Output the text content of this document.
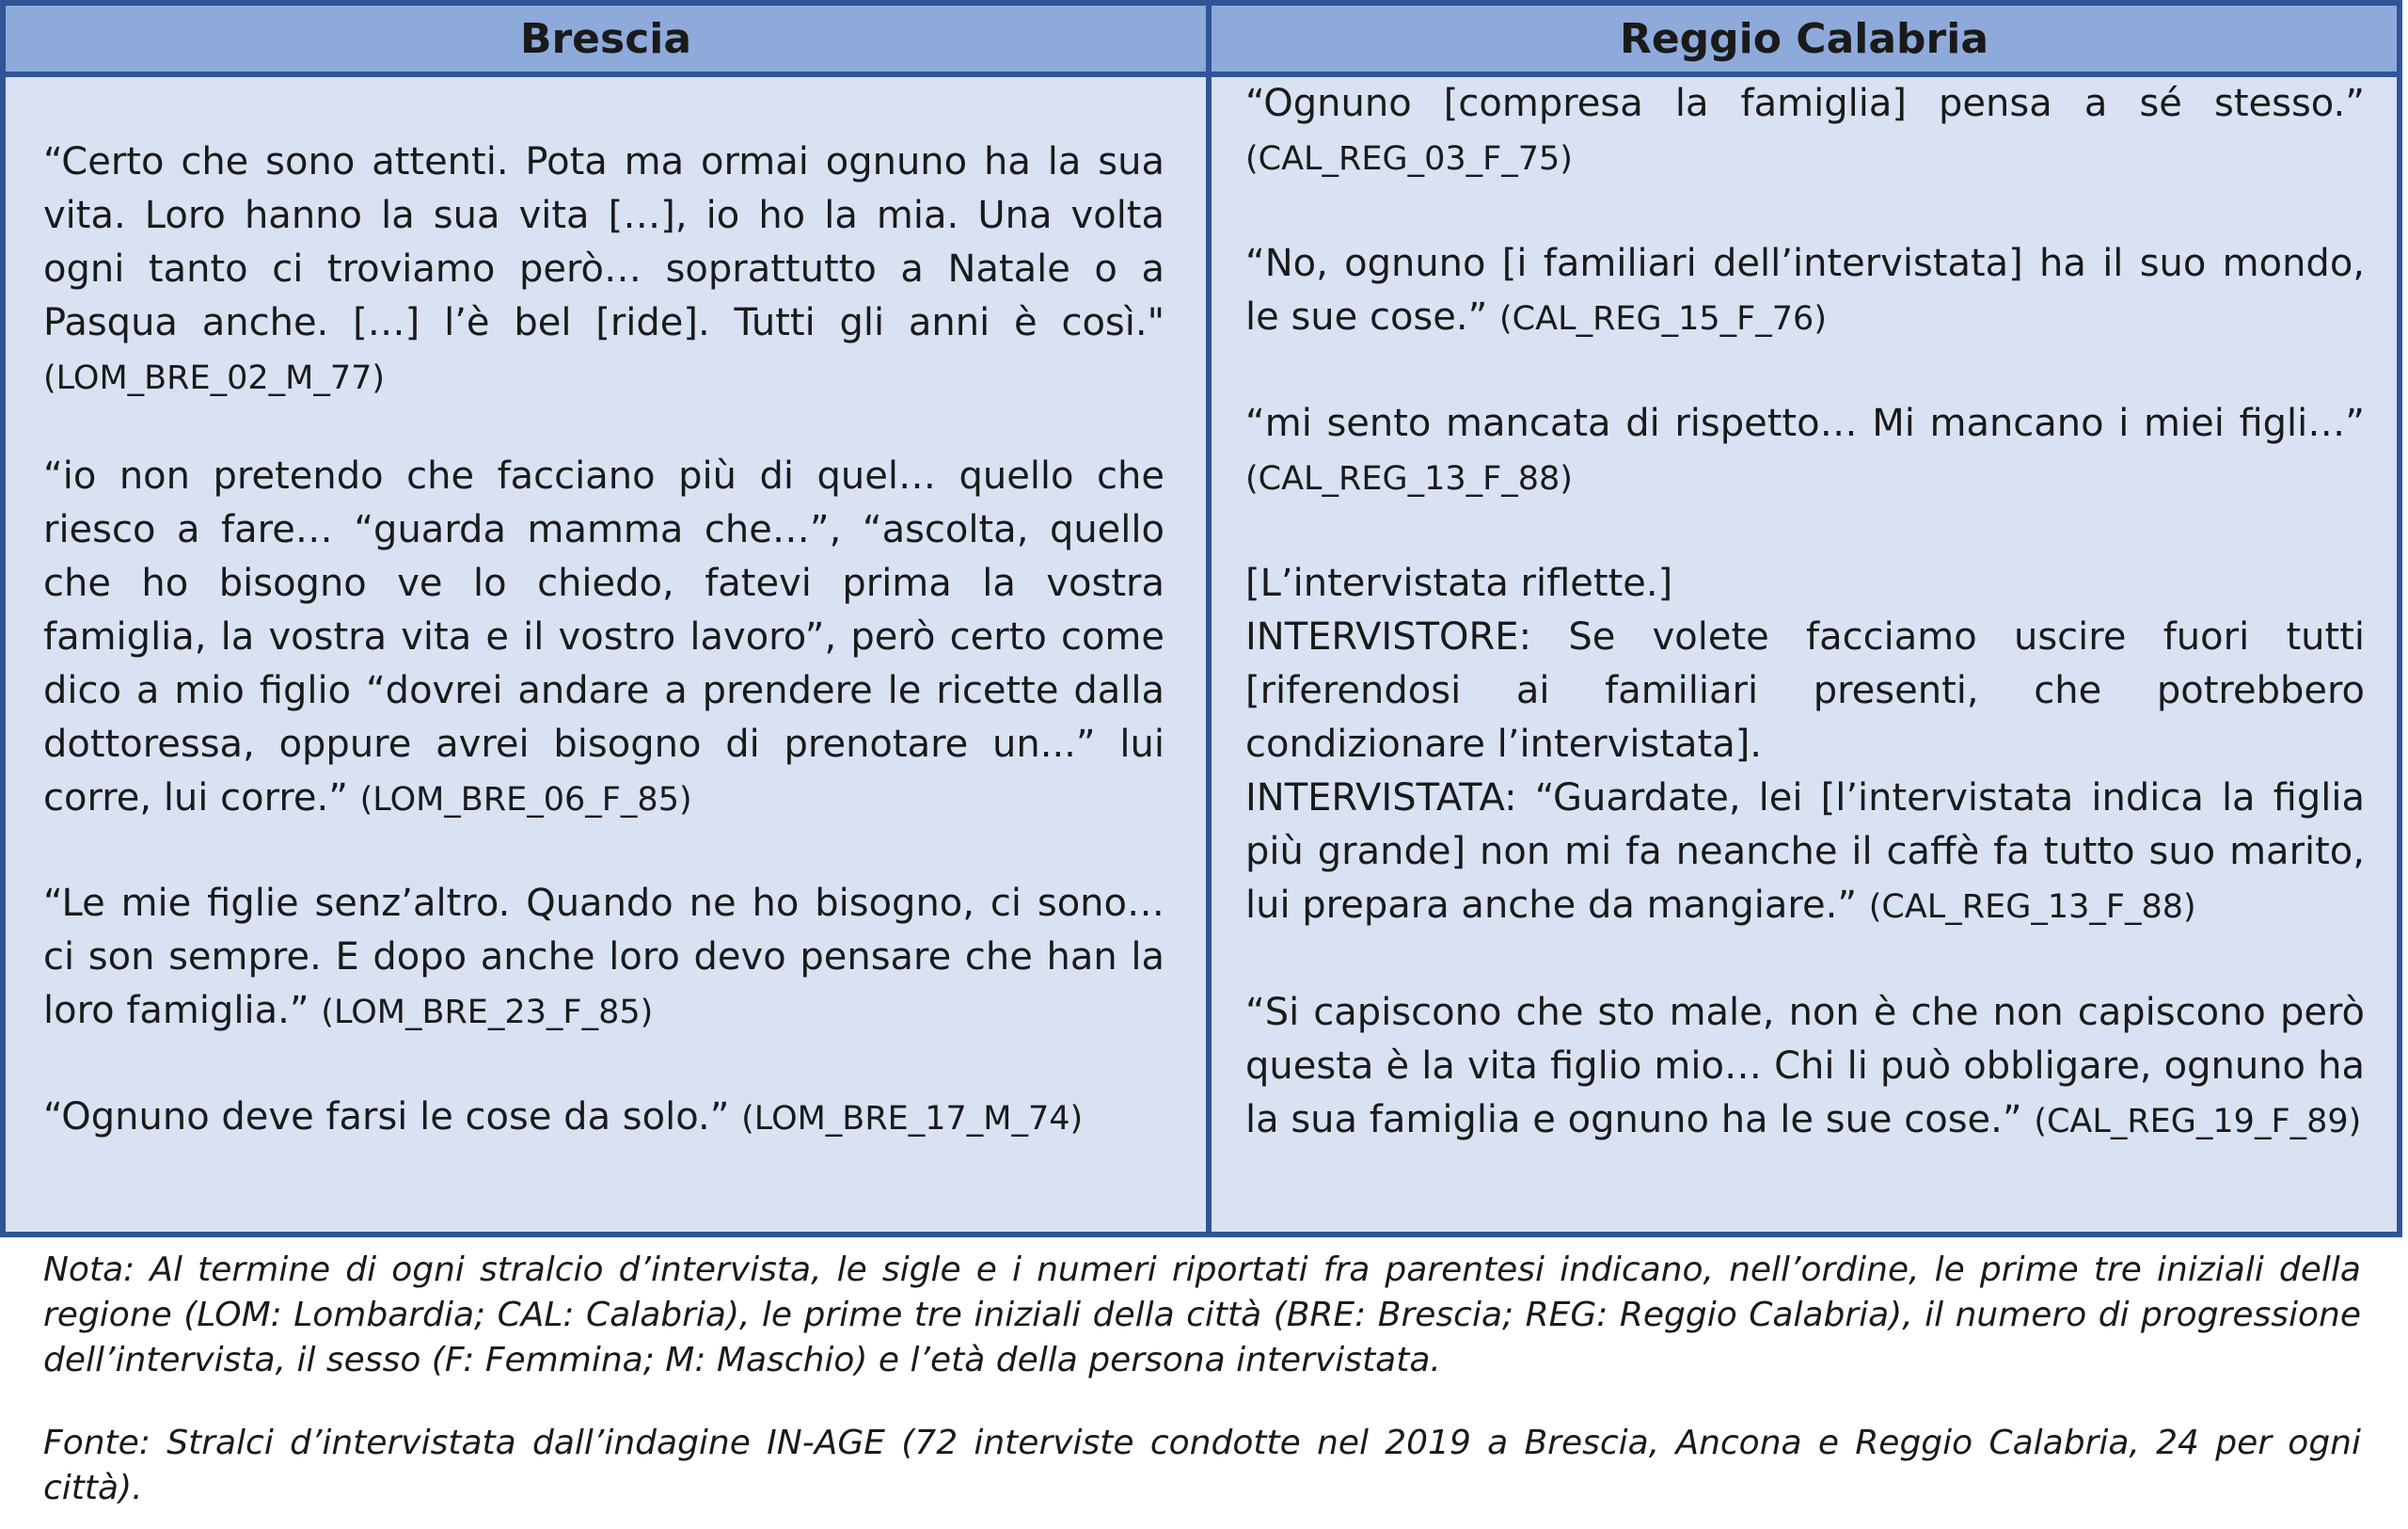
Brescia	Reggio Calabria
“Certo che sono attenti. Pota ma ormai ognuno ha la sua vita. Loro hanno la sua vita […], io ho la mia. Una volta ogni tanto ci troviamo però… soprattutto a Natale o a Pasqua anche. […] l’è bel [ride]. Tutti gli anni è così." (LOM_BRE_02_M_77)
“io non pretendo che facciano più di quel… quello che riesco a fare… “guarda mamma che…”, “ascolta, quello che ho bisogno ve lo chiedo, fatevi prima la vostra famiglia, la vostra vita e il vostro lavoro”, però certo come dico a mio figlio “dovrei andare a prendere le ricette dalla dottoressa, oppure avrei bisogno di prenotare un...” lui corre, lui corre.” (LOM_BRE_06_F_85)
“Le mie figlie senz’altro. Quando ne ho bisogno, ci sono… ci son sempre. E dopo anche loro devo pensare che han la loro famiglia.” (LOM_BRE_23_F_85)
“Ognuno deve farsi le cose da solo.” (LOM_BRE_17_M_74)
“Ognuno [compresa la famiglia] pensa a sé stesso.” (CAL_REG_03_F_75)
“No, ognuno [i familiari dell’intervistata] ha il suo mondo, le sue cose.” (CAL_REG_15_F_76)
“mi sento mancata di rispetto… Mi mancano i miei figli…” (CAL_REG_13_F_88)
[L’intervistata riflette.]
INTERVISTORE: Se volete facciamo uscire fuori tutti [riferendosi ai familiari presenti, che potrebbero condizionare l’intervistata].
INTERVISTATA: “Guardate, lei [l’intervistata indica la figlia più grande] non mi fa neanche il caffè fa tutto suo marito, lui prepara anche da mangiare.” (CAL_REG_13_F_88)
“Si capiscono che sto male, non è che non capiscono però questa è la vita figlio mio… Chi li può obbligare, ognuno ha la sua famiglia e ognuno ha le sue cose.” (CAL_REG_19_F_89)
Nota: Al termine di ogni stralcio d’intervista, le sigle e i numeri riportati fra parentesi indicano, nell’ordine, le prime tre iniziali della regione (LOM: Lombardia; CAL: Calabria), le prime tre iniziali della città (BRE: Brescia; REG: Reggio Calabria), il numero di progressione dell’intervista, il sesso (F: Femmina; M: Maschio) e l’età della persona intervistata.
Fonte: Stralci d’intervistata dall’indagine IN-AGE (72 interviste condotte nel 2019 a Brescia, Ancona e Reggio Calabria, 24 per ogni città).
